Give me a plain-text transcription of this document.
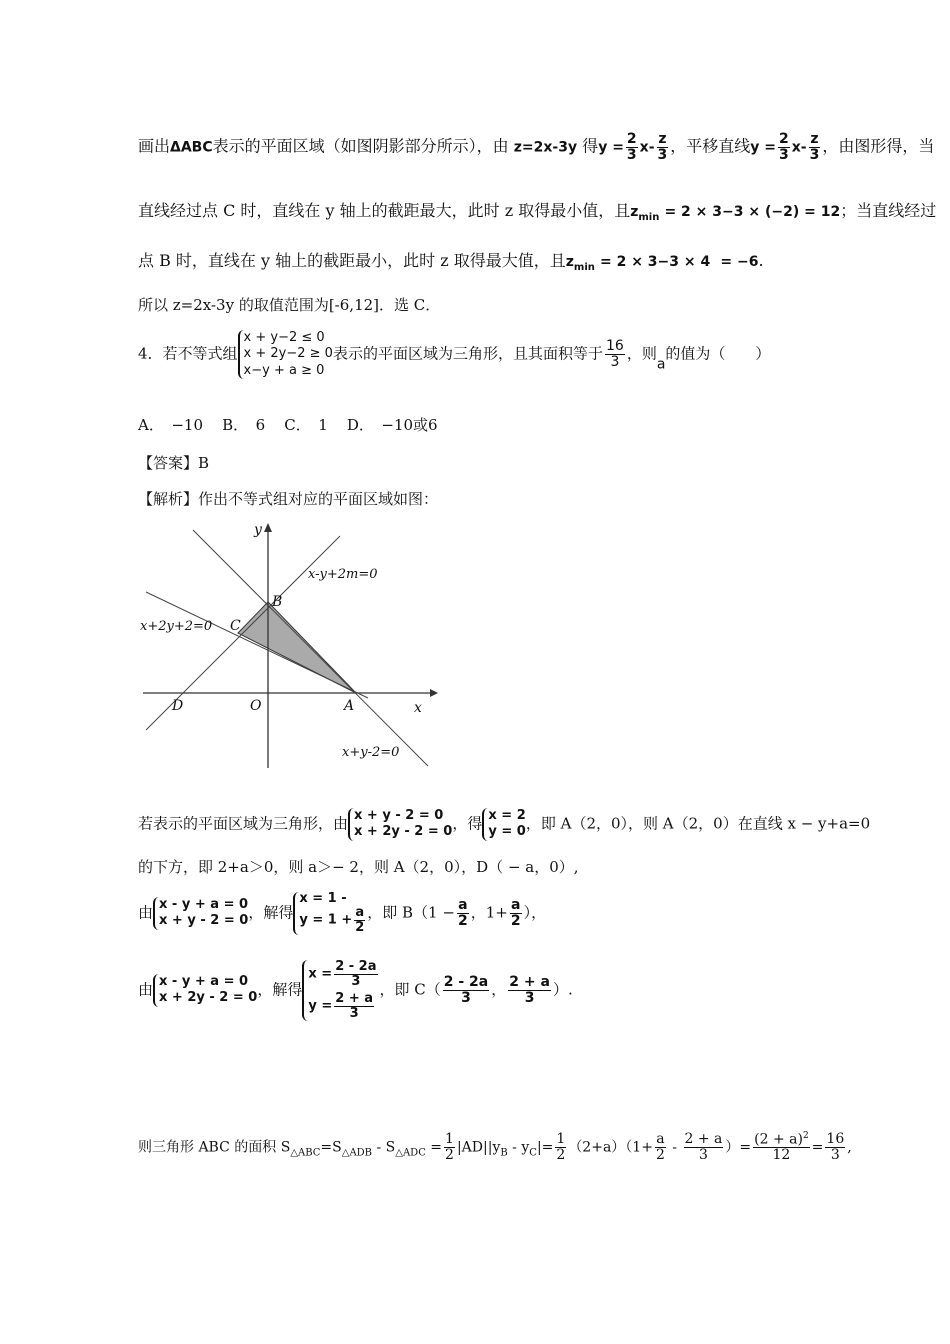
画出ΔABC表示的平面区域（如图阴影部分所示），由 z=2x-3y 得$y = \frac{2}{3} x- \frac{z}{3}$ ，平移直线$y = \frac{2}{3} x- \frac{z}{3}$ ，由图形得，当
直线经过点 C 时，直线在 y 轴上的截距最大，此时 z 取得最小值，且$z_{min} = 2 \times 3-3 \times (-2) = 12$；当直线经过
点 B 时，直线在 y 轴上的截距最小，此时 z 取得最大值，且$z_{min} = 2 \times 3-3 \times 4 = -6$.
所以 z=2x-3y 的取值范围为[-6,12]．选 C．
4．若不等式组
x + y−2 ≤ 0
x + 2y−2 ≥ 0
x−y + a ≥ 0
表示的平面区域为三角形，且其面积等于 $\frac{16}{3}$ ，则a的值为（　　）
A．　−10 B．　6 C．　1 D．　−10或6
【答案】B
【解析】作出不等式组对应的平面区域如图：
y
x
O	A
B
C
D
x-y+2m=0
x+2y+2=0
x+y-2=0
若表示的平面区域为三角形，由 x + y - 2 = 0
x + 2y - 2 = 0 ，得 x = 2
y = 0 ，即 A（2，0），则 A（2，0）在直线 x − y+a=0
的下方，即 2+a＞0，则 a＞− 2，则 A（2，0），D（ − a，0）,
由 x - y + a = 0
x + y - 2 = 0 ，解得
x = 1 -
$y = 1 + \frac{a}{2}$ ，即 $B(1 - \frac{a}{2}$ ，$1+ \frac{a}{2}$ ），
由 x - y + a = 0
x + 2y - 2 = 0 ，解得
$x = \frac{2 - 2a}{3}$
$y = \frac{2 + a}{3}$
，即 $C( \frac{2 - 2a}{3}$ ， $\frac{2 + a}{3}$ ）.
则三角形 ABC 的面积 $S_{\triangle ABC}=S_{\triangle ADB} - S_{\triangle ADC} = \frac{1}{2} |AD||y_B - y_C|= \frac{1}{2} (2+a)(1+ \frac{a}{2} - \frac{2 + a}{3}$ ）= $\frac{(2 + a)^2}{12} = \frac{16}{3}$ ,
